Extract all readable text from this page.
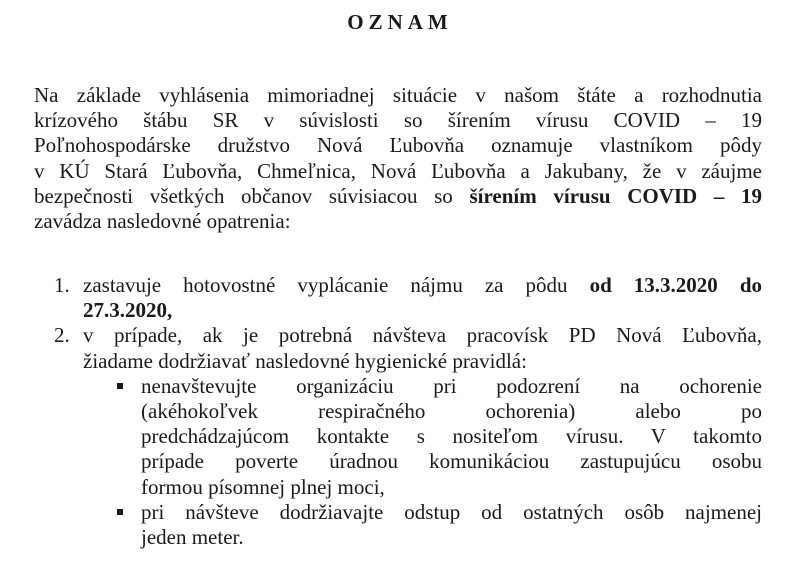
OZNAM
Na základe vyhlásenia mimoriadnej situácie v našom štáte a rozhodnutia
krízového štábu SR v súvislosti so šírením vírusu COVID – 19
Poľnohospodárske družstvo Nová Ľubovňa oznamuje vlastníkom pôdy
v KÚ Stará Ľubovňa, Chmeľnica, Nová Ľubovňa a Jakubany, že v záujme
bezpečnosti všetkých občanov súvisiacou so šírením vírusu COVID – 19
zavádza nasledovné opatrenia:
1. zastavuje hotovostné vyplácanie nájmu za pôdu od 13.3.2020 do
27.3.2020,
2. v prípade, ak je potrebná návšteva pracovísk PD Nová Ľubovňa,
žiadame dodržiavať nasledovné hygienické pravidlá:
nenavštevujte organizáciu pri podozrení na ochorenie
(akéhokoľvek respiračného ochorenia) alebo po
predchádzajúcom kontakte s nositeľom vírusu. V takomto
prípade poverte úradnou komunikáciou zastupujúcu osobu
formou písomnej plnej moci,
pri návšteve dodržiavajte odstup od ostatných osôb najmenej
jeden meter.
